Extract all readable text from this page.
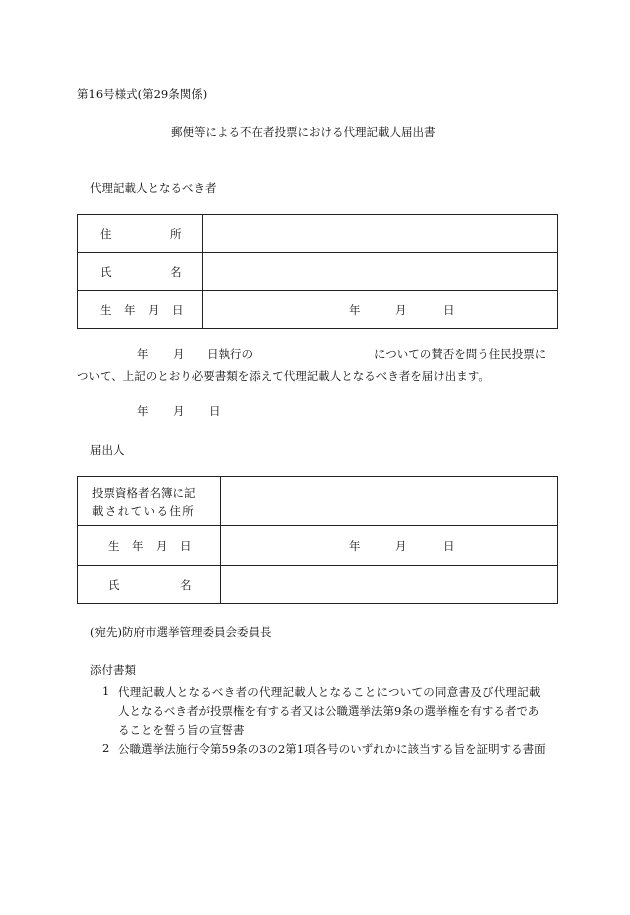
第16号様式(第29条関係)
郵便等による不在者投票における代理記載人届出書
代理記載人となるべき者
住 所	

氏 名	

生 年 月 日	年 月 日
年 月 日執行の	についての賛否を問う住民投票に
ついて、上記のとおり必要書類を添えて代理記載人となるべき者を届け出ます。
年 月 日
届出人
投票資格者名簿に記
載されている住所	

生 年 月 日	年 月 日

氏 名	

(宛先)防府市選挙管理委員会委員長
添付書類
1 代理記載人となるべき者の代理記載人となることについての同意書及び代理記載
人となるべき者が投票権を有する者又は公職選挙法第9条の選挙権を有する者であ
ることを誓う旨の宣誓書
2 公職選挙法施行令第59条の3の2第1項各号のいずれかに該当する旨を証明する書面
